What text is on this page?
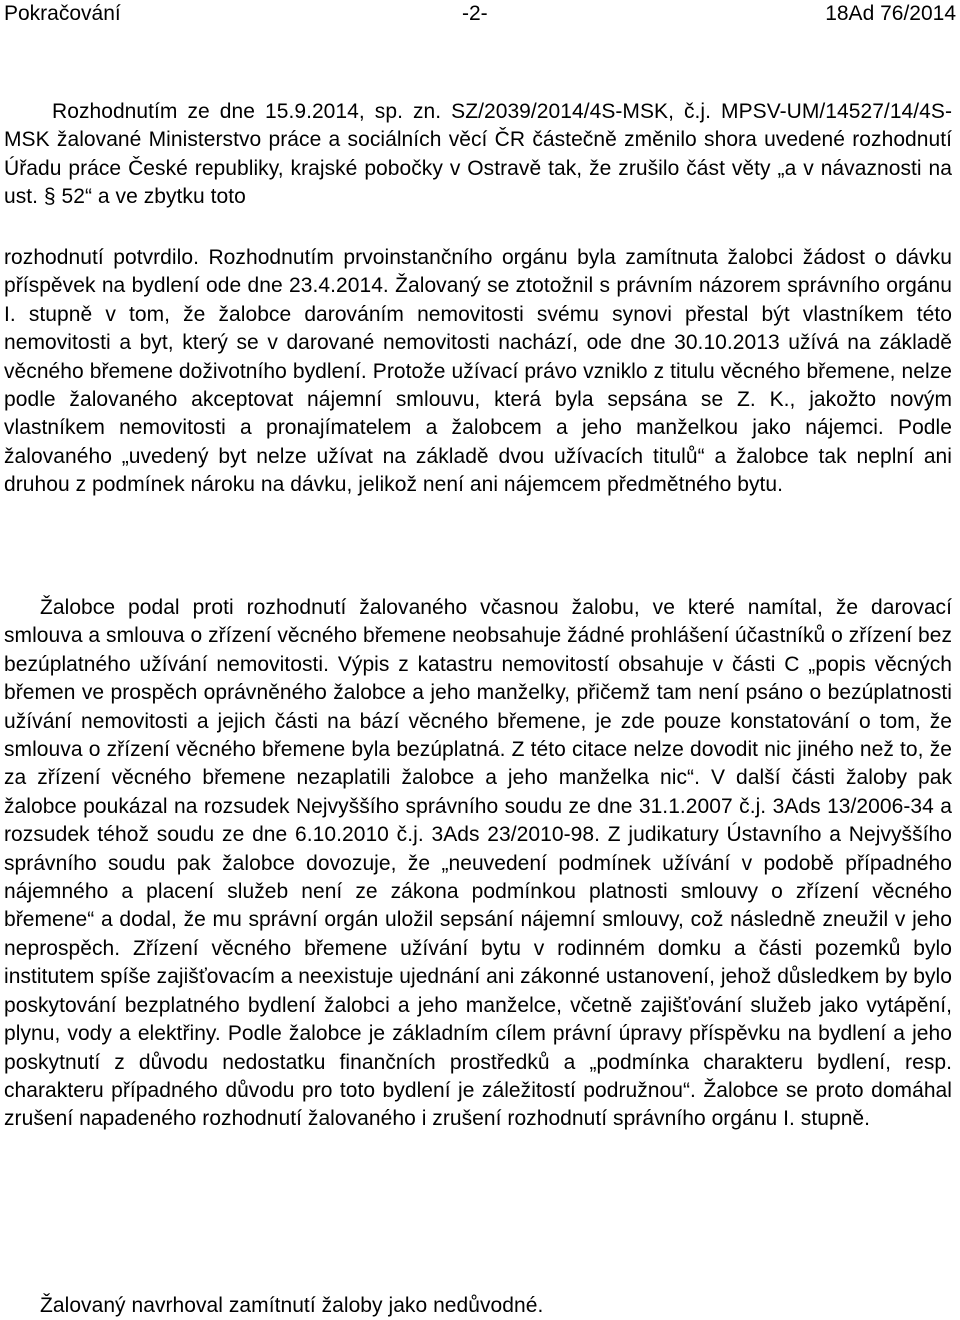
Pokračování	-2-	18Ad 76/2014

Rozhodnutím ze dne 15.9.2014, sp. zn. SZ/2039/2014/4S-MSK, č.j. MPSV-UM/14527/14/4S-MSK žalované Ministerstvo práce a sociálních věcí ČR částečně změnilo shora uvedené rozhodnutí Úřadu práce České republiky, krajské pobočky v Ostravě tak, že zrušilo část věty „a v návaznosti na ust. § 52“ a ve zbytku toto

rozhodnutí potvrdilo. Rozhodnutím prvoinstančního orgánu byla zamítnuta žalobci žádost o dávku příspěvek na bydlení ode dne 23.4.2014. Žalovaný se ztotožnil s právním názorem správního orgánu I. stupně v tom, že žalobce darováním nemovitosti svému synovi přestal být vlastníkem této nemovitosti a byt, který se v darované nemovitosti nachází, ode dne 30.10.2013 užívá na základě věcného břemene doživotního bydlení. Protože užívací právo vzniklo z titulu věcného břemene, nelze podle žalovaného akceptovat nájemní smlouvu, která byla sepsána se Z. K., jakožto novým vlastníkem nemovitosti a pronajímatelem a žalobcem a jeho manželkou jako nájemci. Podle žalovaného „uvedený byt nelze užívat na základě dvou užívacích titulů“ a žalobce tak neplní ani druhou z podmínek nároku na dávku, jelikož není ani nájemcem předmětného bytu.

Žalobce podal proti rozhodnutí žalovaného včasnou žalobu, ve které namítal, že darovací smlouva a smlouva o zřízení věcného břemene neobsahuje žádné prohlášení účastníků o zřízení bez bezúplatného užívání nemovitosti. Výpis z katastru nemovitostí obsahuje v části C „popis věcných břemen ve prospěch oprávněného žalobce a jeho manželky, přičemž tam není psáno o bezúplatnosti užívání nemovitosti a jejich části na bází věcného břemene, je zde pouze konstatování o tom, že smlouva o zřízení věcného břemene byla bezúplatná. Z této citace nelze dovodit nic jiného než to, že za zřízení věcného břemene nezaplatili žalobce a jeho manželka nic“. V další části žaloby pak žalobce poukázal na rozsudek Nejvyššího správního soudu ze dne 31.1.2007 č.j. 3Ads 13/2006-34 a rozsudek téhož soudu ze dne 6.10.2010 č.j. 3Ads 23/2010-98. Z judikatury Ústavního a Nejvyššího správního soudu pak žalobce dovozuje, že „neuvedení podmínek užívání v podobě případného nájemného a placení služeb není ze zákona podmínkou platnosti smlouvy o zřízení věcného břemene“ a dodal, že mu správní orgán uložil sepsání nájemní smlouvy, což následně zneužil v jeho neprospěch. Zřízení věcného břemene užívání bytu v rodinném domku a části pozemků bylo institutem spíše zajišťovacím a neexistuje ujednání ani zákonné ustanovení, jehož důsledkem by bylo poskytování bezplatného bydlení žalobci a jeho manželce, včetně zajišťování služeb jako vytápění, plynu, vody a elektřiny. Podle žalobce je základním cílem právní úpravy příspěvku na bydlení a jeho poskytnutí z důvodu nedostatku finančních prostředků a „podmínka charakteru bydlení, resp. charakteru případného důvodu pro toto bydlení je záležitostí podružnou“. Žalobce se proto domáhal zrušení napadeného rozhodnutí žalovaného i zrušení rozhodnutí správního orgánu I. stupně.

Žalovaný navrhoval zamítnutí žaloby jako nedůvodné.
